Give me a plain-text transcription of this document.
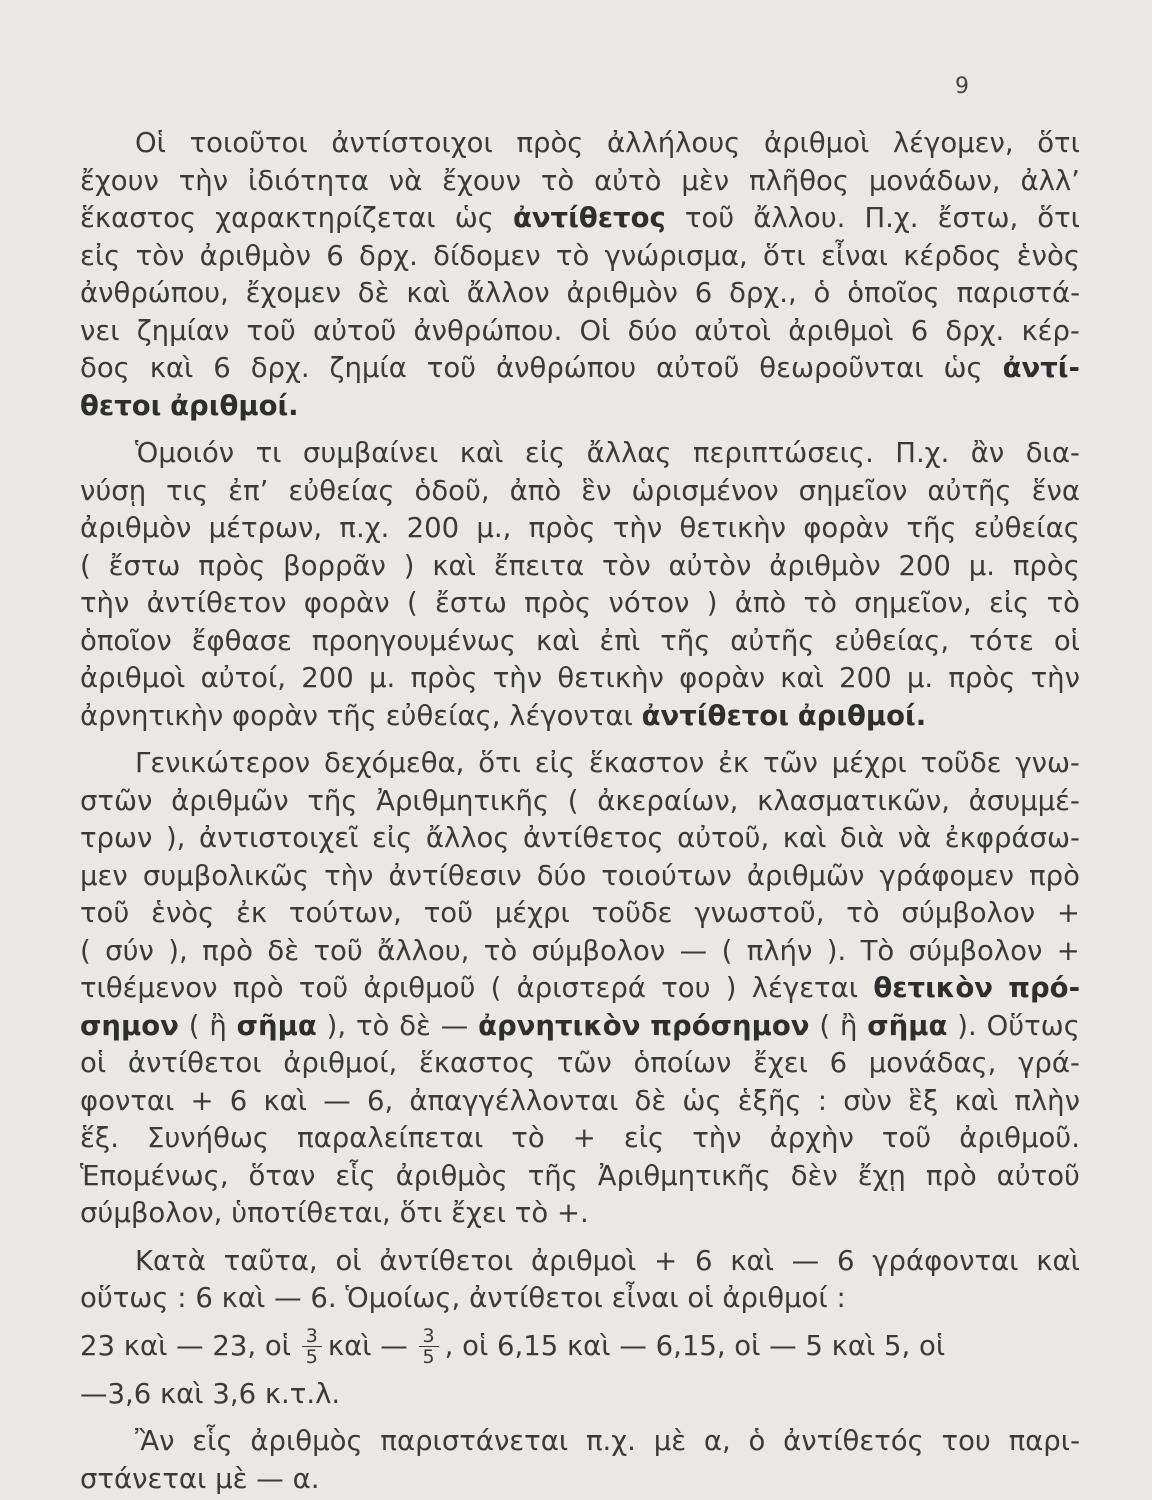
9
Οἱ τοιοῦτοι ἀντίστοιχοι πρὸς ἀλλήλους ἀριθμοὶ λέγομεν, ὅτι
ἔχουν τὴν ἰδιότητα νὰ ἔχουν τὸ αὐτὸ μὲν πλῆθος μονάδων, ἀλλ’
ἕκαστος χαρακτηρίζεται ὡς ἀντίθετος τοῦ ἄλλου. Π.χ. ἔστω, ὅτι
εἰς τὸν ἀριθμὸν 6 δρχ. δίδομεν τὸ γνώρισμα, ὅτι εἶναι κέρδος ἑνὸς
ἀνθρώπου, ἔχομεν δὲ καὶ ἄλλον ἀριθμὸν 6 δρχ., ὁ ὁποῖος παριστά-
νει ζημίαν τοῦ αὐτοῦ ἀνθρώπου. Οἱ δύο αὐτοὶ ἀριθμοὶ 6 δρχ. κέρ-
δος καὶ 6 δρχ. ζημία τοῦ ἀνθρώπου αὐτοῦ θεωροῦνται ὡς ἀντί-
θετοι ἀριθμοί.
Ὁμοιόν τι συμβαίνει καὶ εἰς ἄλλας περιπτώσεις. Π.χ. ἂν δια-
νύσῃ τις ἐπ’ εὐθείας ὁδοῦ, ἀπὸ ἓν ὡρισμένον σημεῖον αὐτῆς ἕνα
ἀριθμὸν μέτρων, π.χ. 200 μ., πρὸς τὴν θετικὴν φορὰν τῆς εὐθείας
( ἔστω πρὸς βορρᾶν ) καὶ ἔπειτα τὸν αὐτὸν ἀριθμὸν 200 μ. πρὸς
τὴν ἀντίθετον φορὰν ( ἔστω πρὸς νότον ) ἀπὸ τὸ σημεῖον, εἰς τὸ
ὁποῖον ἔφθασε προηγουμένως καὶ ἐπὶ τῆς αὐτῆς εὐθείας, τότε οἱ
ἀριθμοὶ αὐτοί, 200 μ. πρὸς τὴν θετικὴν φορὰν καὶ 200 μ. πρὸς τὴν
ἀρνητικὴν φορὰν τῆς εὐθείας, λέγονται ἀντίθετοι ἀριθμοί.
Γενικώτερον δεχόμεθα, ὅτι εἰς ἕκαστον ἐκ τῶν μέχρι τοῦδε γνω-
στῶν ἀριθμῶν τῆς Ἀριθμητικῆς ( ἀκεραίων, κλασματικῶν, ἀσυμμέ-
τρων ), ἀντιστοιχεῖ εἰς ἄλλος ἀντίθετος αὐτοῦ, καὶ διὰ νὰ ἐκφράσω-
μεν συμβολικῶς τὴν ἀντίθεσιν δύο τοιούτων ἀριθμῶν γράφομεν πρὸ
τοῦ ἑνὸς ἐκ τούτων, τοῦ μέχρι τοῦδε γνωστοῦ, τὸ σύμβολον +
( σύν ), πρὸ δὲ τοῦ ἄλλου, τὸ σύμβολον — ( πλήν ). Τὸ σύμβολον +
τιθέμενον πρὸ τοῦ ἀριθμοῦ ( ἀριστερά του ) λέγεται θετικὸν πρό-
σημον ( ἢ σῆμα ), τὸ δὲ — ἀρνητικὸν πρόσημον ( ἢ σῆμα ). Οὕτως
οἱ ἀντίθετοι ἀριθμοί, ἕκαστος τῶν ὁποίων ἔχει 6 μονάδας, γρά-
φονται + 6 καὶ — 6, ἀπαγγέλλονται δὲ ὡς ἑξῆς : σὺν ἓξ καὶ πλὴν
ἕξ. Συνήθως παραλείπεται τὸ + εἰς τὴν ἀρχὴν τοῦ ἀριθμοῦ.
Ἑπομένως, ὅταν εἷς ἀριθμὸς τῆς Ἀριθμητικῆς δὲν ἔχῃ πρὸ αὐτοῦ
σύμβολον, ὑποτίθεται, ὅτι ἔχει τὸ +.
Κατὰ ταῦτα, οἱ ἀντίθετοι ἀριθμοὶ + 6 καὶ — 6 γράφονται καὶ
οὕτως : 6 καὶ — 6. Ὁμοίως, ἀντίθετοι εἶναι οἱ ἀριθμοί :
23 καὶ — 23, οἱ $\frac{3}{5}$ καὶ — $\frac{3}{5}$ , οἱ 6,15 καὶ — 6,15, οἱ — 5 καὶ 5, οἱ
—3,6 καὶ 3,6 κ.τ.λ.
Ἂν εἷς ἀριθμὸς παριστάνεται π.χ. μὲ α, ὁ ἀντίθετός του παρι-
στάνεται μὲ — α.
